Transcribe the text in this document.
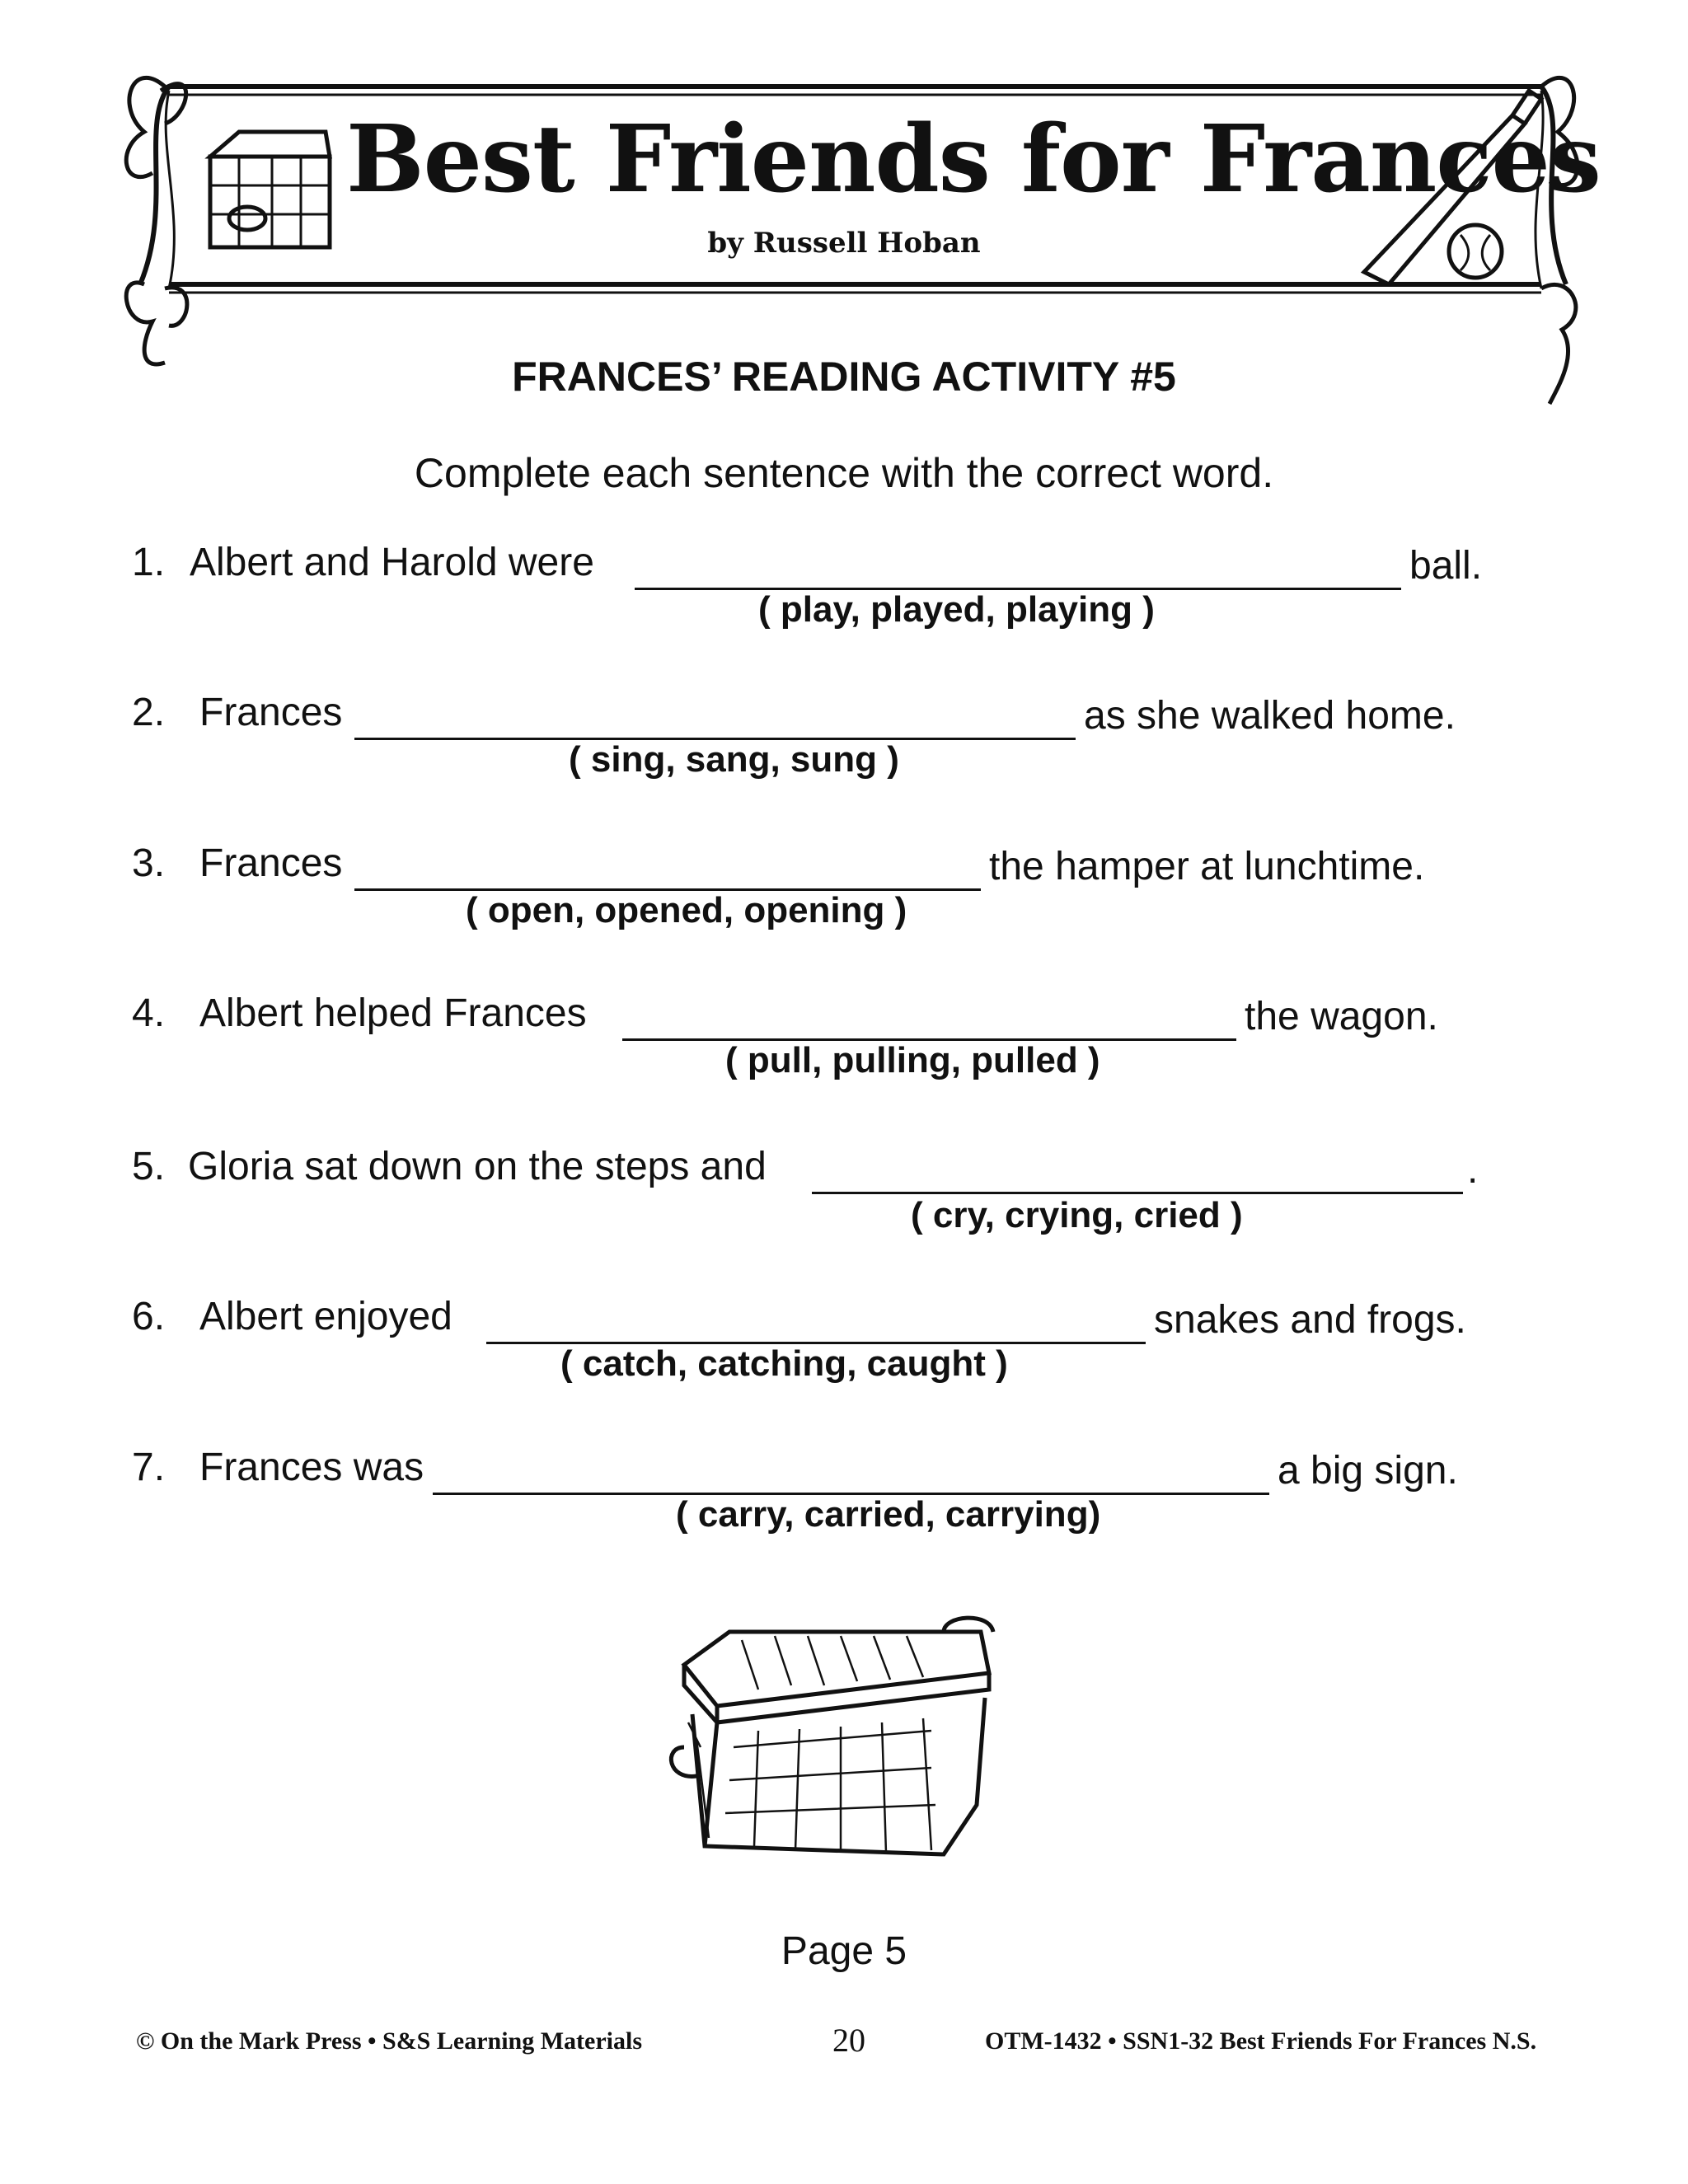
Best Friends for Frances
by Russell Hoban
FRANCES’ READING ACTIVITY #5
Complete each sentence with the correct word.
1. Albert and Harold were	ball.
( play, played, playing )
2. Frances	as she walked home.
( sing, sang, sung )
3. Frances	the hamper at lunchtime.
( open, opened, opening )
4. Albert helped Frances	the wagon.
( pull, pulling, pulled )
5. Gloria sat down on the steps and	.
( cry, crying, cried )
6. Albert enjoyed	snakes and frogs.
( catch, catching, caught )
7. Frances was	a big sign.
( carry, carried, carrying)
Page 5
© On the Mark Press • S&S Learning Materials	20	OTM-1432 • SSN1-32 Best Friends For Frances N.S.
